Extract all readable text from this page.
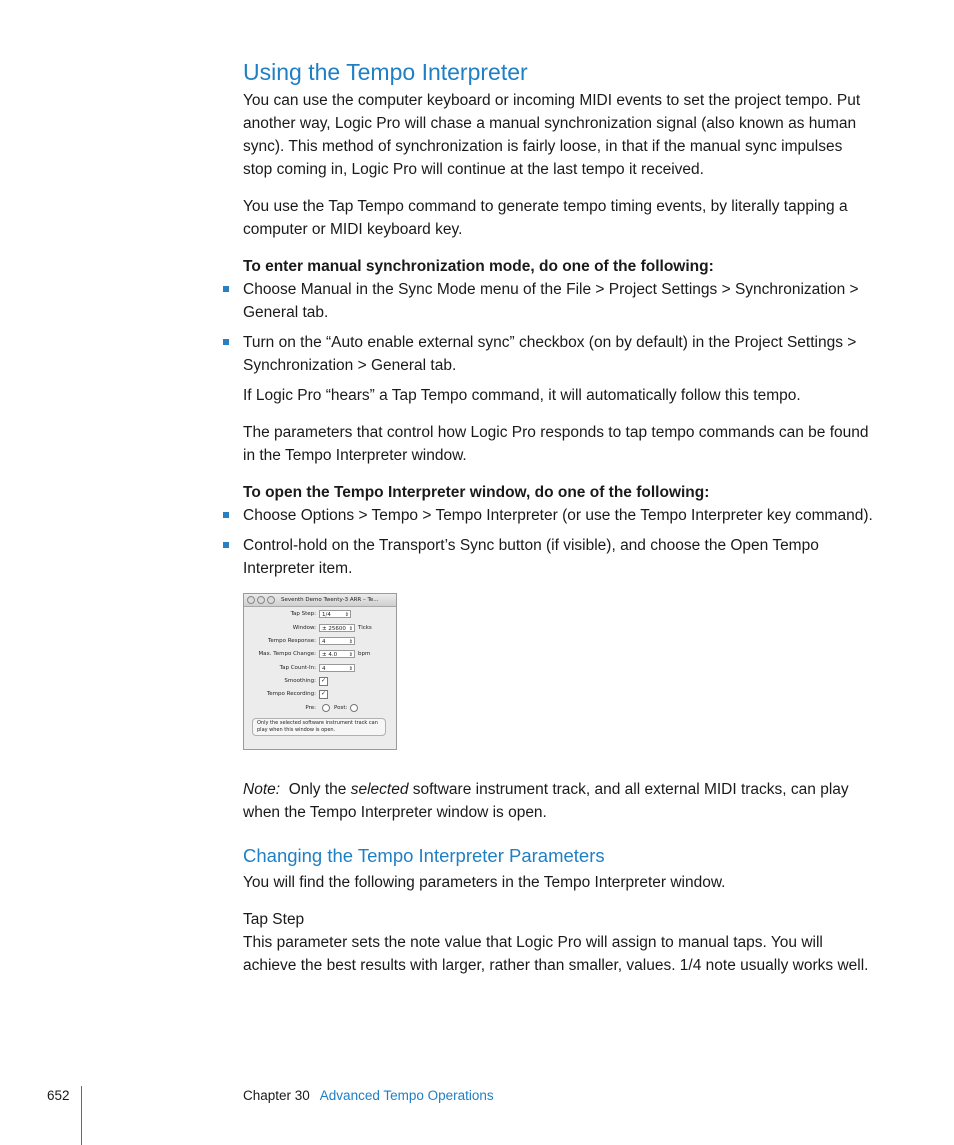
Using the Tempo Interpreter

You can use the computer keyboard or incoming MIDI events to set the project tempo. Put another way, Logic Pro will chase a manual synchronization signal (also known as human sync). This method of synchronization is fairly loose, in that if the manual sync impulses stop coming in, Logic Pro will continue at the last tempo it received.

You use the Tap Tempo command to generate tempo timing events, by literally tapping a computer or MIDI keyboard key.

To enter manual synchronization mode, do one of the following:

Choose Manual in the Sync Mode menu of the File > Project Settings > Synchronization > General tab.
Turn on the “Auto enable external sync” checkbox (on by default) in the Project Settings > Synchronization > General tab.

If Logic Pro “hears” a Tap Tempo command, it will automatically follow this tempo.

The parameters that control how Logic Pro responds to tap tempo commands can be found in the Tempo Interpreter window.

To open the Tempo Interpreter window, do one of the following:

Choose Options > Tempo > Tempo Interpreter (or use the Tempo Interpreter key command).
Control-hold on the Transport’s Sync button (if visible), and choose the Open Tempo Interpreter item.
Seventh Demo Twenty-3 ARR – Te...
Tap Step:	1/4	⇕
Window:	± 25600 ⇕ Ticks
Tempo Response:	4	⇕
Max. Tempo Change:	± 4.0 ⇕ bpm
Tap Count-In:	4	⇕
Smoothing: ✓
Tempo Recording: ✓
Pre:	Post:
Only the selected software instrument track can play when this window is open.

Note: Only the selected software instrument track, and all external MIDI tracks, can play when the Tempo Interpreter window is open.

Changing the Tempo Interpreter Parameters

You will find the following parameters in the Tempo Interpreter window.

Tap Step

This parameter sets the note value that Logic Pro will assign to manual taps. You will achieve the best results with larger, rather than smaller, values. 1/4 note usually works well.

652	Chapter 30 Advanced Tempo Operations
